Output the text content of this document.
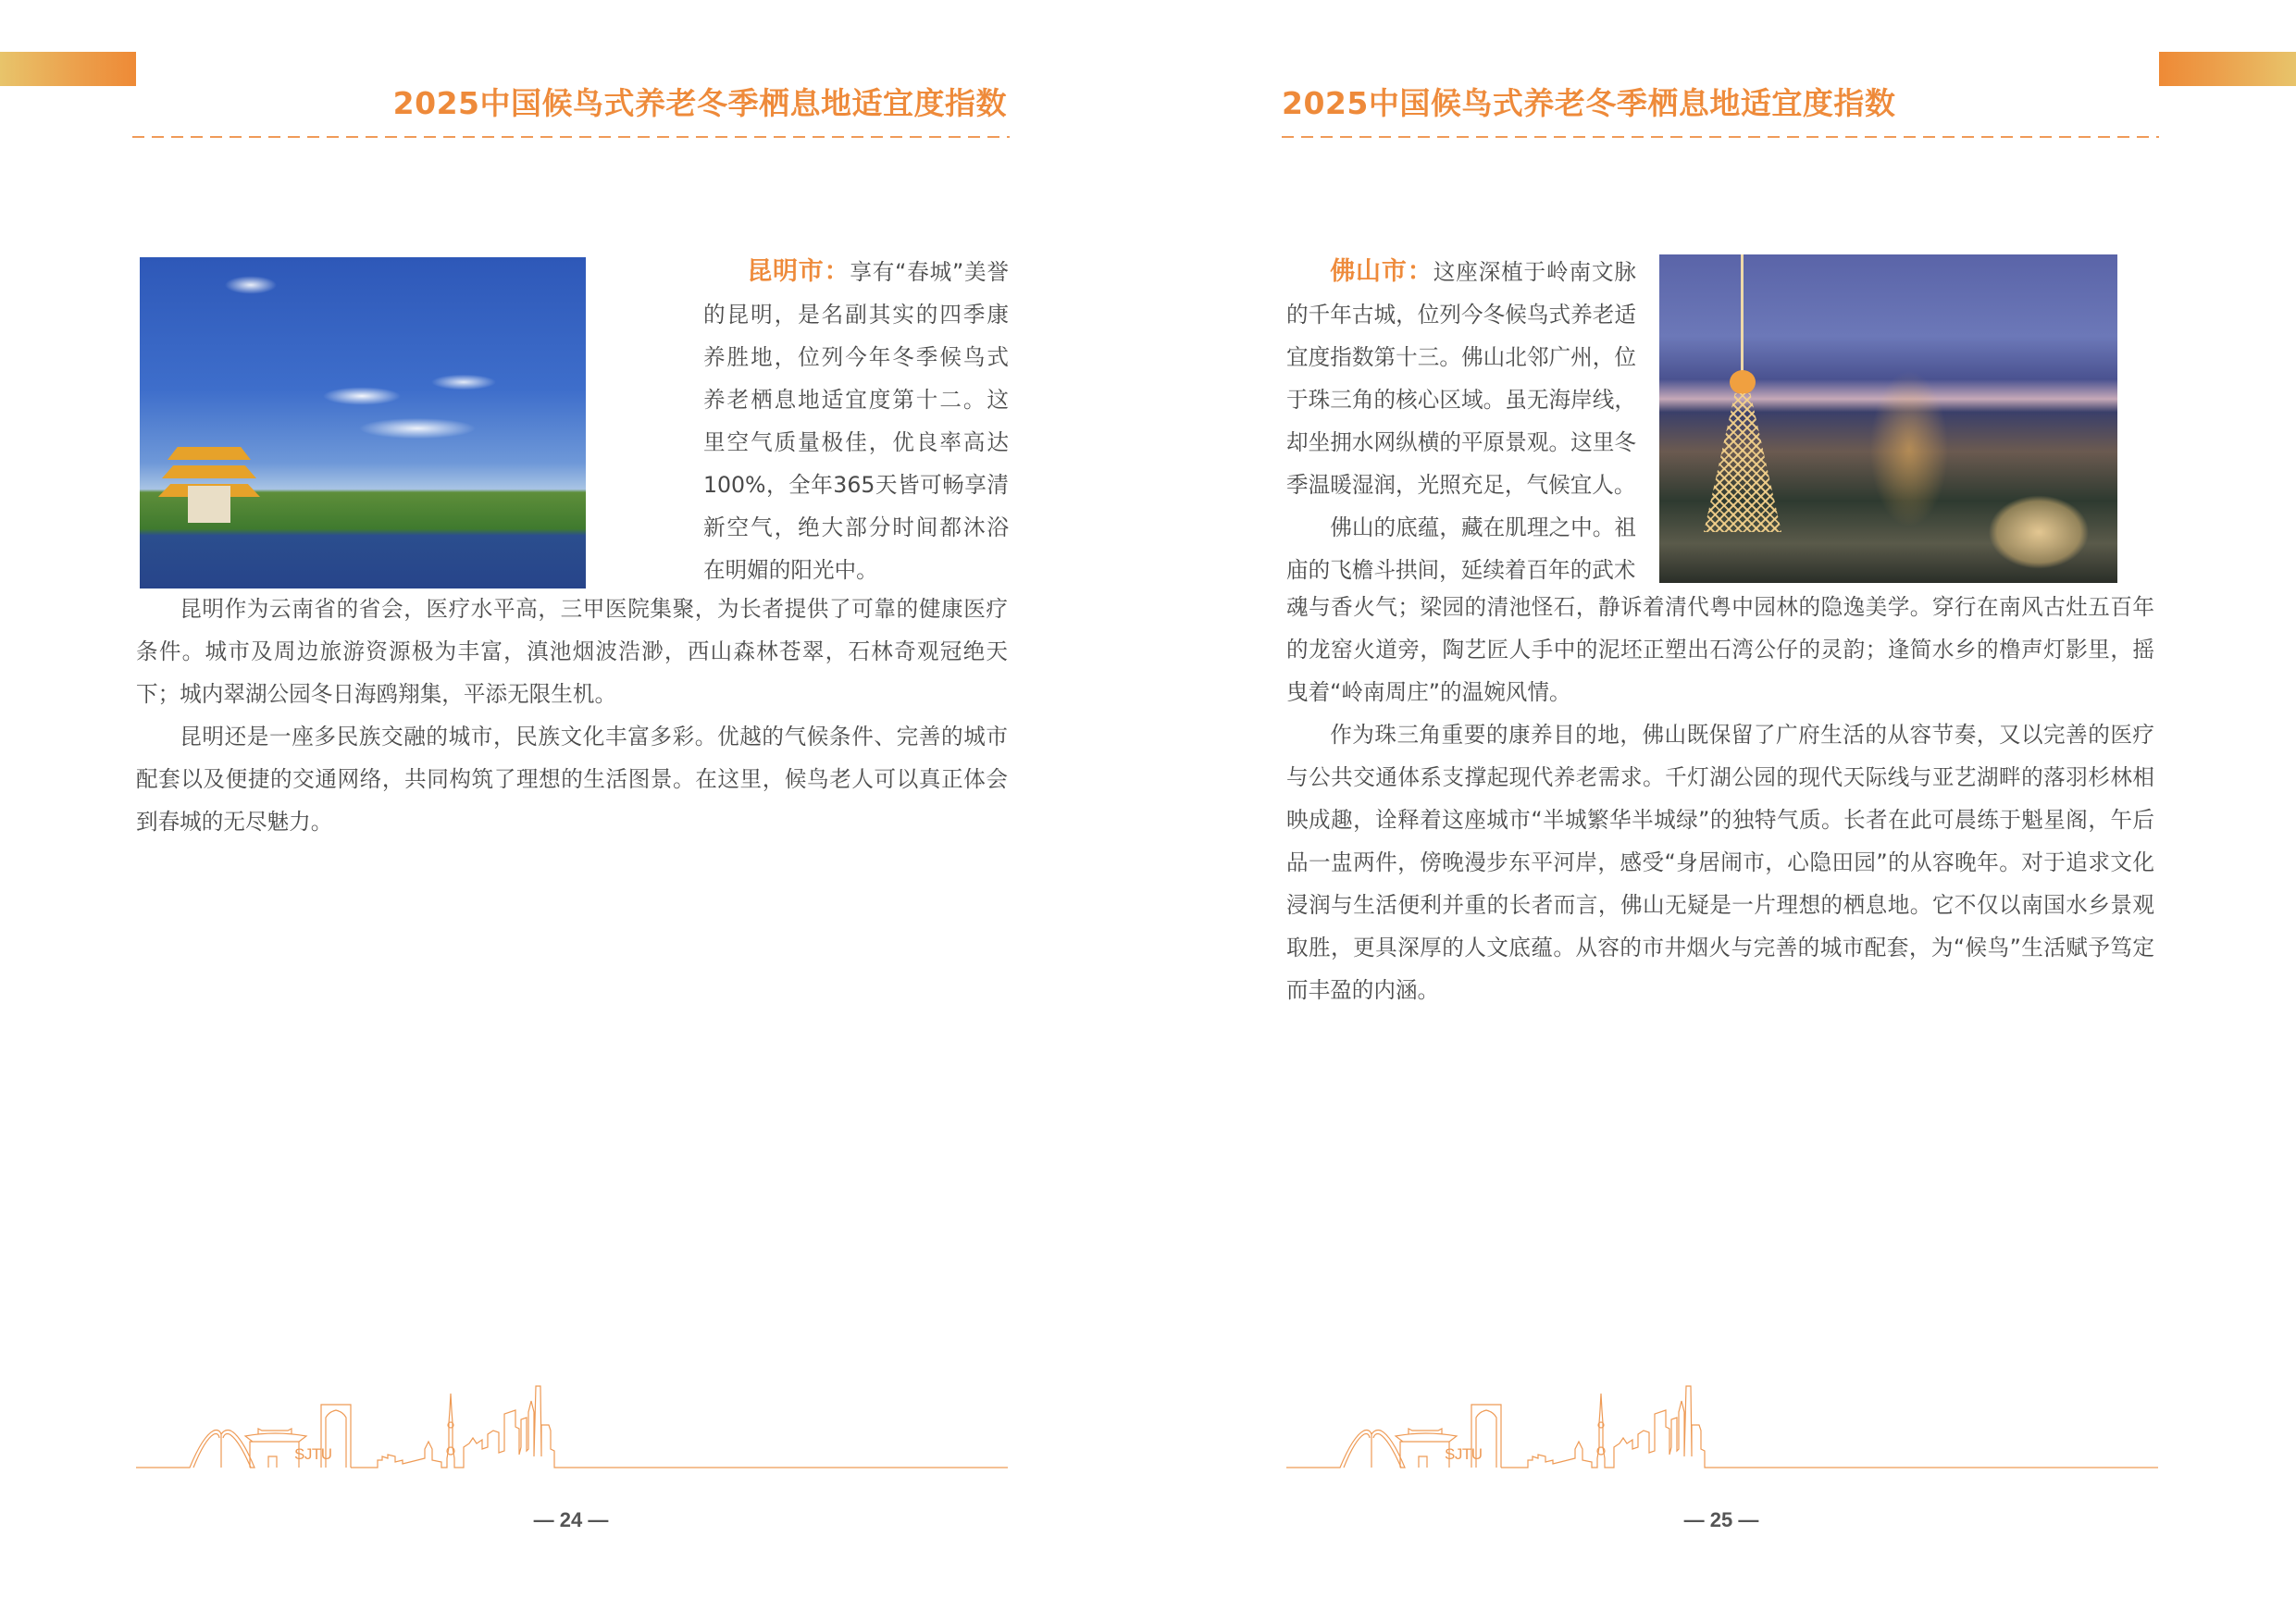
2025中国候鸟式养老冬季栖息地适宜度指数

昆明市：享有“春城”美誉的昆明，是名副其实的四季康养胜地，位列今年冬季候鸟式养老栖息地适宜度第十二。这里空气质量极佳，优良率高达100%，全年365天皆可畅享清新空气，绝大部分时间都沐浴在明媚的阳光中。

昆明作为云南省的省会，医疗水平高，三甲医院集聚，为长者提供了可靠的健康医疗条件。城市及周边旅游资源极为丰富，滇池烟波浩渺，西山森林苍翠，石林奇观冠绝天下；城内翠湖公园冬日海鸥翔集，平添无限生机。

昆明还是一座多民族交融的城市，民族文化丰富多彩。优越的气候条件、完善的城市配套以及便捷的交通网络，共同构筑了理想的生活图景。在这里，候鸟老人可以真正体会到春城的无尽魅力。

SJTU
— 24 —
2025中国候鸟式养老冬季栖息地适宜度指数

佛山市：这座深植于岭南文脉的千年古城，位列今冬候鸟式养老适宜度指数第十三。佛山北邻广州，位于珠三角的核心区域。虽无海岸线，却坐拥水网纵横的平原景观。这里冬季温暖湿润，光照充足，气候宜人。

佛山的底蕴，藏在肌理之中。祖庙的飞檐斗拱间，延续着百年的武术

魂与香火气；梁园的清池怪石，静诉着清代粤中园林的隐逸美学。穿行在南风古灶五百年的龙窑火道旁，陶艺匠人手中的泥坯正塑出石湾公仔的灵韵；逢简水乡的橹声灯影里，摇曳着“岭南周庄”的温婉风情。

作为珠三角重要的康养目的地，佛山既保留了广府生活的从容节奏，又以完善的医疗与公共交通体系支撑起现代养老需求。千灯湖公园的现代天际线与亚艺湖畔的落羽杉林相映成趣，诠释着这座城市“半城繁华半城绿”的独特气质。长者在此可晨练于魁星阁，午后品一盅两件，傍晚漫步东平河岸，感受“身居闹市，心隐田园”的从容晚年。对于追求文化浸润与生活便利并重的长者而言，佛山无疑是一片理想的栖息地。它不仅以南国水乡景观取胜，更具深厚的人文底蕴。从容的市井烟火与完善的城市配套，为“候鸟”生活赋予笃定而丰盈的内涵。

SJTU
— 25 —
